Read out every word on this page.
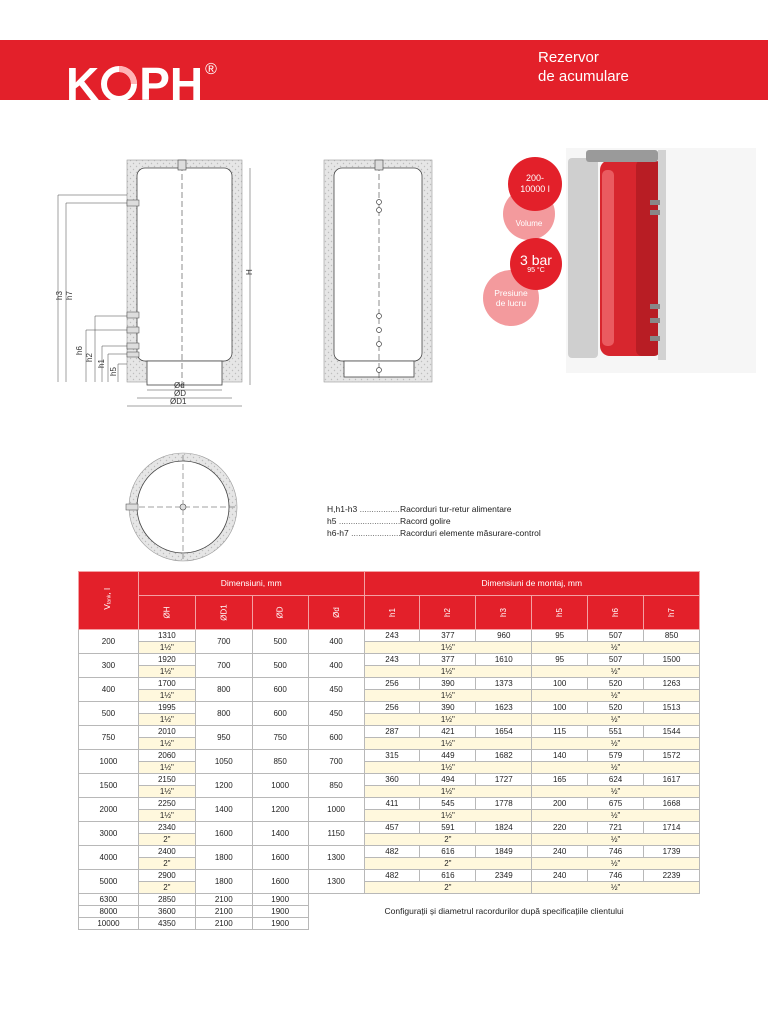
K PH ®
Rezervor
de acumulare
H
h3 h7
h6
h2
h1
h5
Ød
ØD
ØD1
Volume
200-
10000 l
Presiune
de lucru
3 bar
95 °C
H,h1-h3 .....	Racorduri tur-retur alimentare
h5 .....	Racord golire
h6-h7 .....	Racorduri elemente măsurare-control
$V_{tank}$, l	Dimensiuni, mm				Dimensiuni de montaj, mm					
	ØH	ØD1	ØD	Ød	h1	h2	h3	h5	h6	h7
200	1310	700	500	400	243	377	960	95	507	850
	1½"				1½"			½"		
300	1920	700	500	400	243	377	1610	95	507	1500
	1½"				1½"			½"		
400	1700	800	600	450	256	390	1373	100	520	1263
	1½"				1½"			½"		
500	1995	800	600	450	256	390	1623	100	520	1513
	1½"				1½"			½"		
750	2010	950	750	600	287	421	1654	115	551	1544
	1½"				1½"			½"		
1000	2060	1050	850	700	315	449	1682	140	579	1572
	1½"				1½"			½"		
1500	2150	1200	1000	850	360	494	1727	165	624	1617
	1½"				1½"			½"		
2000	2250	1400	1200	1000	411	545	1778	200	675	1668
	1½"				1½"			½"		
3000	2340	1600	1400	1150	457	591	1824	220	721	1714
	2"				2"			½"		
4000	2400	1800	1600	1300	482	616	1849	240	746	1739
	2"				2"			½"		
5000	2900	1800	1600	1300	482	616	2349	240	746	2239
	2"				2"			½"		
6300	2850	2100	1900	Configurații și diametrul racordurilor după specificațiile clientului						
8000	3600	2100	1900							
10000	4350	2100	1900							
